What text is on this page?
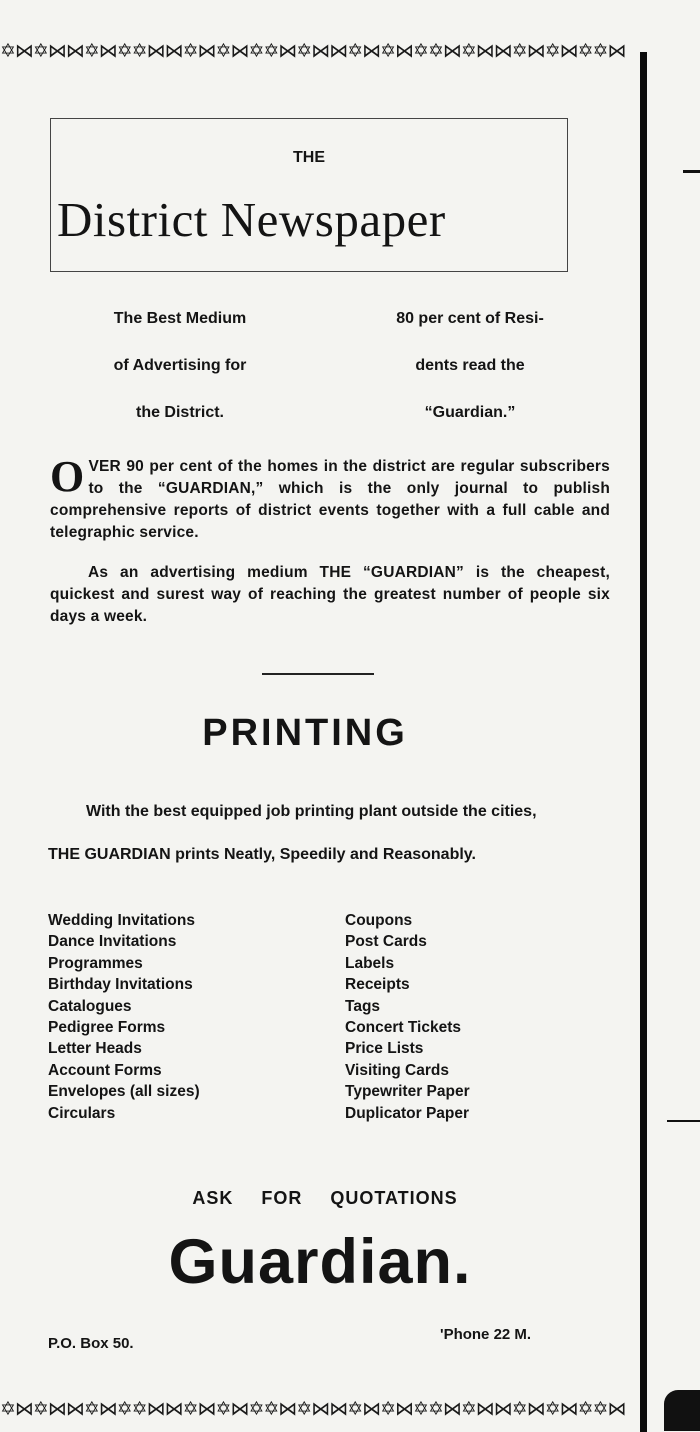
✡⋈✡⋈⋈✡⋈✡✡⋈⋈✡⋈✡⋈✡✡⋈✡⋈⋈✡⋈✡⋈✡✡⋈✡⋈⋈✡⋈✡⋈✡✡⋈
THE
District Newspaper
The Best Medium
of Advertising for
the District.
80 per cent of Resi-
dents read the
“Guardian.”
O VER 90 per cent of the homes in the district are regular subscribers to the “GUARDIAN,” which is the only journal to publish comprehensive reports of district events together with a full cable and telegraphic service.

As an advertising medium THE “GUARDIAN” is the cheapest, quickest and surest way of reaching the greatest number of people six days a week.

PRINTING
With the best equipped job printing plant outside the cities,
THE GUARDIAN prints Neatly, Speedily and Reasonably.
Wedding Invitations
Dance Invitations
Programmes
Birthday Invitations
Catalogues
Pedigree Forms
Letter Heads
Account Forms
Envelopes (all sizes)
Circulars
Coupons
Post Cards
Labels
Receipts
Tags
Concert Tickets
Price Lists
Visiting Cards
Typewriter Paper
Duplicator Paper
ASK FOR QUOTATIONS
Guardian.
P.O. Box 50.
'Phone 22 M.
✡⋈✡⋈⋈✡⋈✡✡⋈⋈✡⋈✡⋈✡✡⋈✡⋈⋈✡⋈✡⋈✡✡⋈✡⋈⋈✡⋈✡⋈✡✡⋈
